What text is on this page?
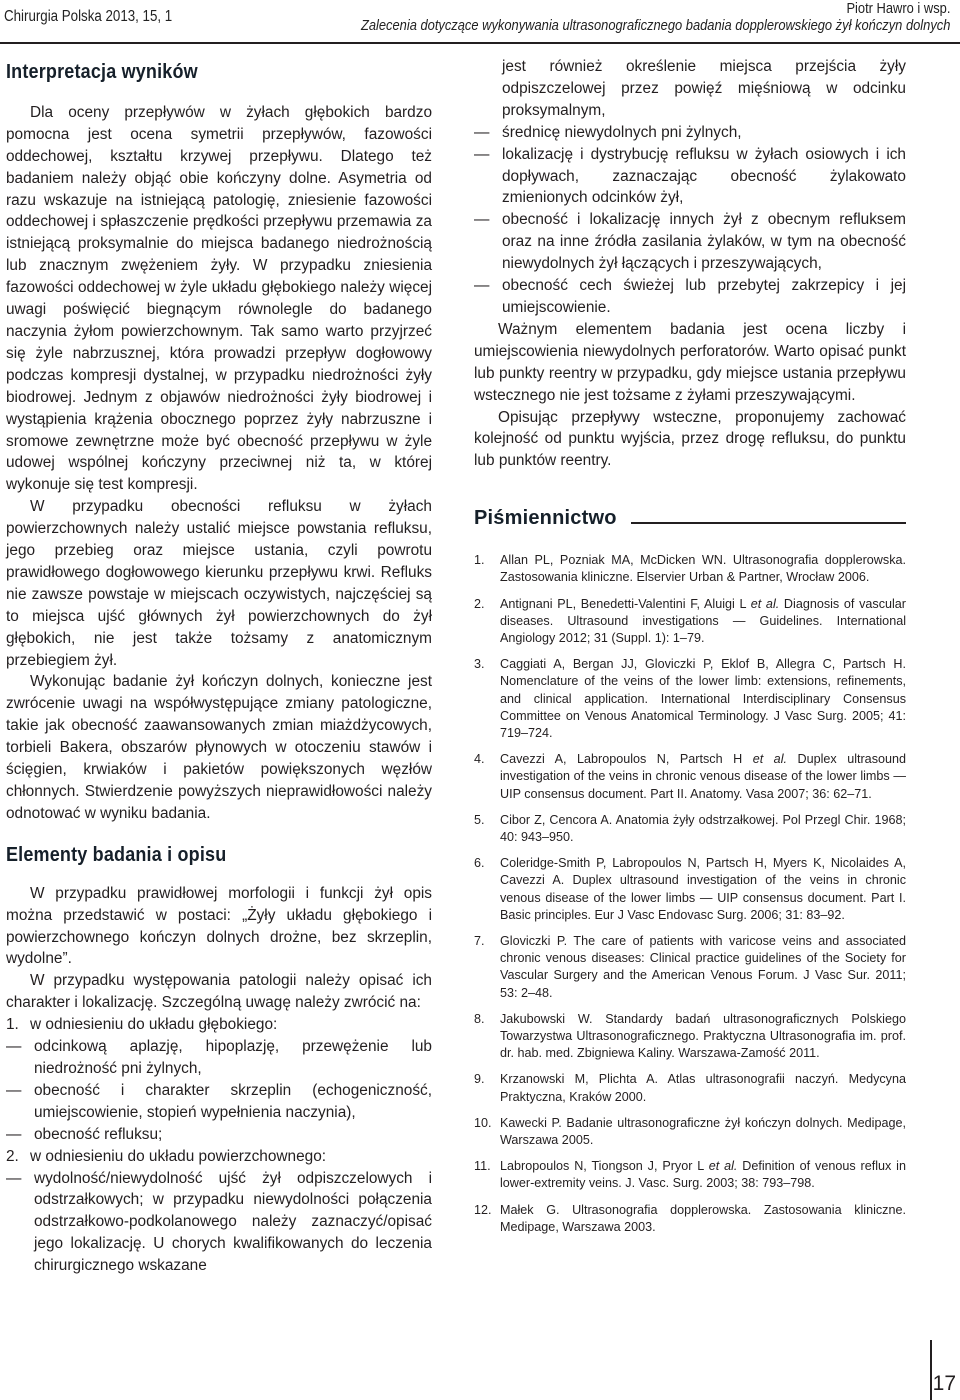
Chirurgia Polska 2013, 15, 1	Piotr Hawro i wsp.
Zalecenia dotyczące wykonywania ultrasonograficznego badania dopplerowskiego żył kończyn dolnych
Interpretacja wyników

Dla oceny przepływów w żyłach głębokich bardzo pomocna jest ocena symetrii przepływów, fazowości oddechowej, kształtu krzywej przepływu. Dlatego też badaniem należy objąć obie kończyny dolne. Asymetria od razu wskazuje na istniejącą patologię, zniesienie fazowości oddechowej i spłaszczenie prędkości przepływu przemawia za istniejącą proksymalnie do miejsca badanego niedrożnością lub znacznym zwężeniem żyły. W przypadku zniesienia fazowości oddechowej w żyle układu głębokiego należy więcej uwagi poświęcić biegnącym równolegle do badanego naczynia żyłom powierzchownym. Tak samo warto przyjrzeć się żyle nabrzusznej, która prowadzi przepływ dogłowowy podczas kompresji dystalnej, w przypadku niedrożności żyły biodrowej. Jednym z objawów niedrożności żyły biodrowej i wystąpienia krążenia obocznego poprzez żyły nabrzuszne i sromowe zewnętrzne może być obecność przepływu w żyle udowej wspólnej kończyny przeciwnej niż ta, w której wykonuje się test kompresji.

W przypadku obecności refluksu w żyłach powierzchownych należy ustalić miejsce powstania refluksu, jego przebieg oraz miejsce ustania, czyli powrotu prawidłowego dogłowowego kierunku przepływu krwi. Refluks nie zawsze powstaje w miejscach oczywistych, najczęściej są to miejsca ujść głównych żył powierzchownych do żył głębokich, nie jest także tożsamy z anatomicznym przebiegiem żył.

Wykonując badanie żył kończyn dolnych, konieczne jest zwrócenie uwagi na współwystępujące zmiany patologiczne, takie jak obecność zaawansowanych zmian miażdżycowych, torbieli Bakera, obszarów płynowych w otoczeniu stawów i ścięgien, krwiaków i pakietów powiększonych węzłów chłonnych. Stwierdzenie powyższych nieprawidłowości należy odnotować w wyniku badania.

Elementy badania i opisu

W przypadku prawidłowej morfologii i funkcji żył opis można przedstawić w postaci: „Żyły układu głębokiego i powierzchownego kończyn dolnych drożne, bez skrzeplin, wydolne”.

W przypadku występowania patologii należy opisać ich charakter i lokalizację. Szczególną uwagę należy zwrócić na:

1. w odniesieniu do układu głębokiego:
— odcinkową aplazję, hipoplazję, przewężenie lub niedrożność pni żylnych,
— obecność i charakter skrzeplin (echogeniczność, umiejscowienie, stopień wypełnienia naczynia),
— obecność refluksu;
2. w odniesieniu do układu powierzchownego:
— wydolność/niewydolność ujść żył odpiszczelowych i odstrzałkowych; w przypadku niewydolności połączenia odstrzałkowo-podkolanowego należy zaznaczyć/opisać jego lokalizację. U chorych kwalifikowanych do leczenia chirurgicznego wskazane

jest również określenie miejsca przejścia żyły odpiszczelowej przez powięź mięśniową w odcinku proksymalnym,

— średnicę niewydolnych pni żylnych,
— lokalizację i dystrybucję refluksu w żyłach osiowych i ich dopływach, zaznaczając obecność żylakowato zmienionych odcinków żył,
— obecność i lokalizację innych żył z obecnym refluksem oraz na inne źródła zasilania żylaków, w tym na obecność niewydolnych żył łączących i przeszywających,
— obecność cech świeżej lub przebytej zakrzepicy i jej umiejscowienie.

Ważnym elementem badania jest ocena liczby i umiejscowienia niewydolnych perforatorów. Warto opisać punkt lub punkty reentry w przypadku, gdy miejsce ustania przepływu wstecznego nie jest tożsame z żyłami przeszywającymi.

Opisując przepływy wsteczne, proponujemy zachować kolejność od punktu wyjścia, przez drogę refluksu, do punktu lub punktów reentry.

Piśmiennictwo
1.	Allan PL, Pozniak MA, McDicken WN. Ultrasonografia dopplerowska. Zastosowania kliniczne. Elservier Urban & Partner, Wrocław 2006.
2.	Antignani PL, Benedetti-Valentini F, Aluigi L et al. Diagnosis of vascular diseases. Ultrasound investigations — Guidelines. International Angiology 2012; 31 (Suppl. 1): 1–79.
3.	Caggiati A, Bergan JJ, Gloviczki P, Eklof B, Allegra C, Partsch H. Nomenclature of the veins of the lower limb: extensions, refinements, and clinical application. International Interdisciplinary Consensus Committee on Venous Anatomical Terminology. J Vasc Surg. 2005; 41: 719–724.
4.	Cavezzi A, Labropoulos N, Partsch H et al. Duplex ultrasound investigation of the veins in chronic venous disease of the lower limbs — UIP consensus document. Part II. Anatomy. Vasa 2007; 36: 62–71.
5.	Cibor Z, Cencora A. Anatomia żyły odstrzałkowej. Pol Przegl Chir. 1968; 40: 943–950.
6.	Coleridge-Smith P, Labropoulos N, Partsch H, Myers K, Nicolaides A, Cavezzi A. Duplex ultrasound investigation of the veins in chronic venous disease of the lower limbs — UIP consensus document. Part I. Basic principles. Eur J Vasc Endovasc Surg. 2006; 31: 83–92.
7.	Gloviczki P. The care of patients with varicose veins and associated chronic venous diseases: Clinical practice guidelines of the Society for Vascular Surgery and the American Venous Forum. J Vasc Sur. 2011; 53: 2–48.
8.	Jakubowski W. Standardy badań ultrasonograficznych Polskiego Towarzystwa Ultrasonograficznego. Praktyczna Ultrasonografia im. prof. dr. hab. med. Zbigniewa Kaliny. Warszawa-Zamość 2011.
9.	Krzanowski M, Plichta A. Atlas ultrasonografii naczyń. Medycyna Praktyczna, Kraków 2000.
10. Kawecki P. Badanie ultrasonograficzne żył kończyn dolnych. Medipage, Warszawa 2005.
11. Labropoulos N, Tiongson J, Pryor L et al. Definition of venous reflux in lower-extremity veins. J. Vasc. Surg. 2003; 38: 793–798.
12. Małek G. Ultrasonografia dopplerowska. Zastosowania kliniczne. Medipage, Warszawa 2003.
17
